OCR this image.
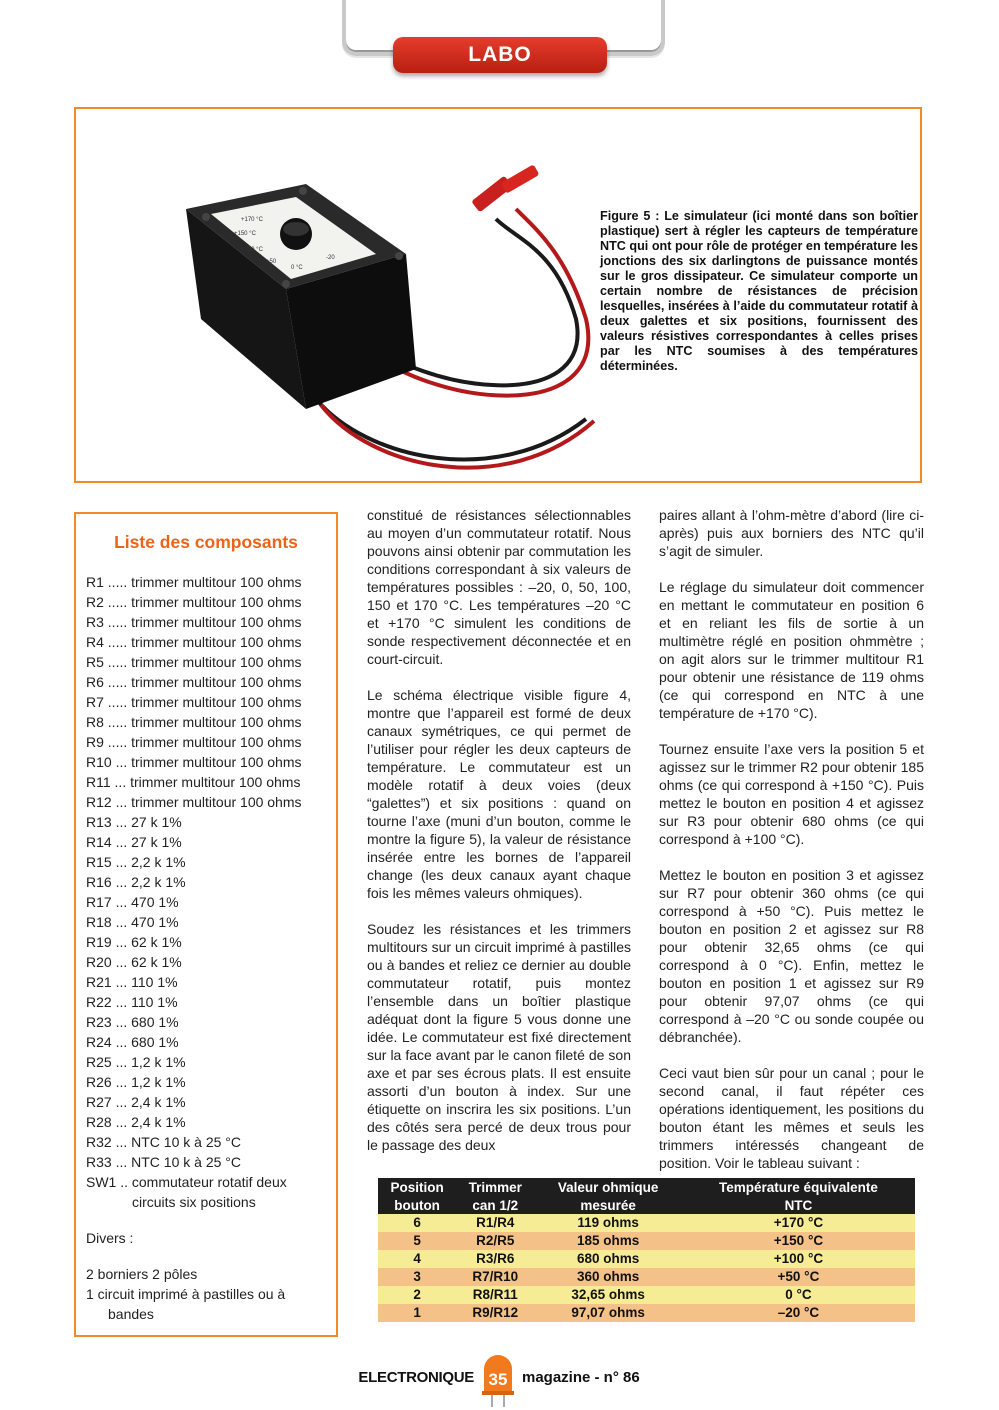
LABO
+170 °C
+150 °C
+100 °C
+50
0 °C
-20
Figure 5 : Le simulateur (ici monté dans son boîtier plastique) sert à régler les capteurs de température NTC qui ont pour rôle de protéger en température les jonctions des six darlingtons de puissance montés sur le gros dissipateur. Ce simulateur comporte un certain nombre de résistances de précision lesquelles, insérées à l’aide du commutateur rotatif à deux galettes et six positions, fournissent des valeurs résistives correspondantes à celles prises par les NTC soumises à des températures déterminées.
Liste des composants
R1 ..... trimmer multitour 100 ohms
R2 ..... trimmer multitour 100 ohms
R3 ..... trimmer multitour 100 ohms
R4 ..... trimmer multitour 100 ohms
R5 ..... trimmer multitour 100 ohms
R6 ..... trimmer multitour 100 ohms
R7 ..... trimmer multitour 100 ohms
R8 ..... trimmer multitour 100 ohms
R9 ..... trimmer multitour 100 ohms
R10 ... trimmer multitour 100 ohms
R11 ... trimmer multitour 100 ohms
R12 ... trimmer multitour 100 ohms
R13 ... 27 k 1%
R14 ... 27 k 1%
R15 ... 2,2 k 1%
R16 ... 2,2 k 1%
R17 ... 470 1%
R18 ... 470 1%
R19 ... 62 k 1%
R20 ... 62 k 1%
R21 ... 110 1%
R22 ... 110 1%
R23 ... 680 1%
R24 ... 680 1%
R25 ... 1,2 k 1%
R26 ... 1,2 k 1%
R27 ... 2,4 k 1%
R28 ... 2,4 k 1%
R32 ... NTC 10 k à 25 °C
R33 ... NTC 10 k à 25 °C
SW1 .. commutateur rotatif deux
circuits six positions
Divers :
2 borniers 2 pôles
1 circuit imprimé à pastilles ou à bandes

constitué de résistances sélectionnables au moyen d’un commutateur rotatif. Nous pouvons ainsi obtenir par commutation les conditions correspondant à six valeurs de températures possibles : –20, 0, 50, 100, 150 et 170 °C. Les températures –20 °C et +170 °C simulent les conditions de sonde respectivement déconnectée et en court-circuit.

Le schéma électrique visible figure 4, montre que l’appareil est formé de deux canaux symétriques, ce qui permet de l’utiliser pour régler les deux capteurs de température. Le commutateur est un modèle rotatif à deux voies (deux “galettes”) et six positions : quand on tourne l’axe (muni d’un bouton, comme le montre la figure 5), la valeur de résistance insérée entre les bornes de l’appareil change (les deux canaux ayant chaque fois les mêmes valeurs ohmiques).

Soudez les résistances et les trimmers multitours sur un circuit imprimé à pastilles ou à bandes et reliez ce dernier au double commutateur rotatif, puis montez l’ensemble dans un boîtier plastique adéquat dont la figure 5 vous donne une idée. Le commutateur est fixé directement sur la face avant par le canon fileté de son axe et par ses écrous plats. Il est ensuite assorti d’un bouton à index. Sur une étiquette on inscrira les six positions. L’un des côtés sera percé de deux trous pour le passage des deux

paires allant à l’ohm-mètre d’abord (lire ci-après) puis aux borniers des NTC qu’il s’agit de simuler.

Le réglage du simulateur doit commencer en mettant le commutateur en position 6 et en reliant les fils de sortie à un multimètre réglé en position ohmmètre ; on agit alors sur le trimmer multitour R1 pour obtenir une résistance de 119 ohms (ce qui correspond en NTC à une température de +170 °C).

Tournez ensuite l’axe vers la position 5 et agissez sur le trimmer R2 pour obtenir 185 ohms (ce qui correspond à +150 °C). Puis mettez le bouton en position 4 et agissez sur R3 pour obtenir 680 ohms (ce qui correspond à +100 °C).

Mettez le bouton en position 3 et agissez sur R7 pour obtenir 360 ohms (ce qui correspond à +50 °C). Puis mettez le bouton en position 2 et agissez sur R8 pour obtenir 32,65 ohms (ce qui correspond à 0 °C). Enfin, mettez le bouton en position 1 et agissez sur R9 pour obtenir 97,07 ohms (ce qui correspond à –20 °C ou sonde coupée ou débranchée).

Ceci vaut bien sûr pour un canal ; pour le second canal, il faut répéter ces opérations identiquement, les positions du bouton étant les mêmes et seuls les trimmers intéressés changeant de position. Voir le tableau suivant :

Position	Trimmer	Valeur ohmique	Température équivalente
bouton	can 1/2	mesurée	NTC
6	R1/R4	119 ohms	+170 °C
5	R2/R5	185 ohms	+150 °C
4	R3/R6	680 ohms	+100 °C
3	R7/R10	360 ohms	+50 °C
2	R8/R11	32,65 ohms	0 °C
1	R9/R12	97,07 ohms	–20 °C
ELECTRONIQUE 35 magazine - n° 86
